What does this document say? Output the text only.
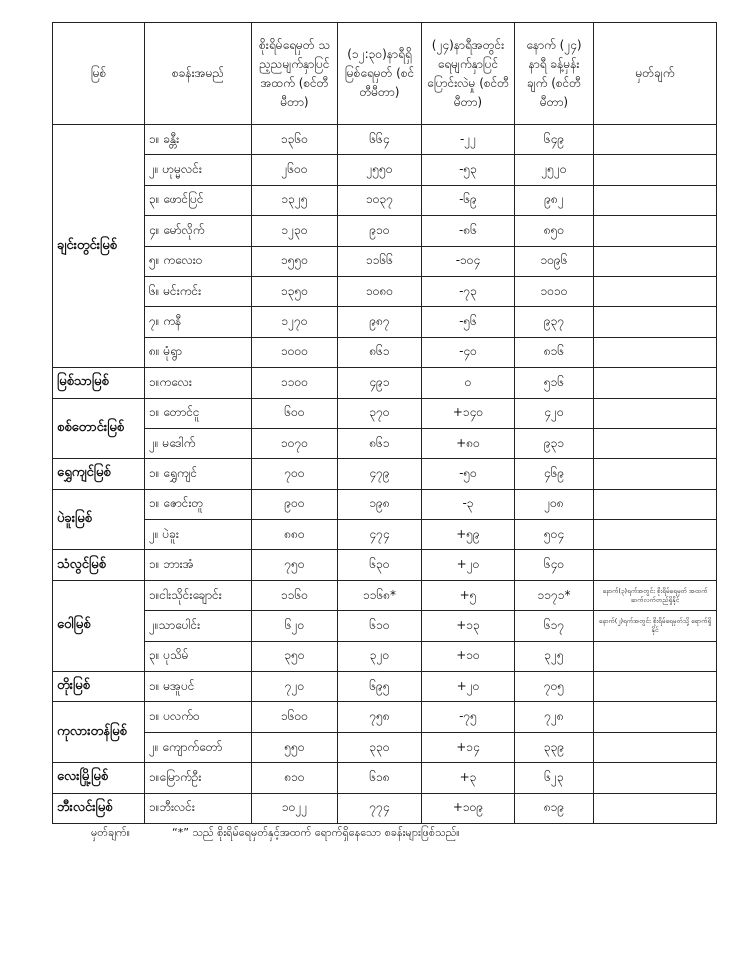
မြစ်	စခန်းအမည်	စိုးရိမ်ရေမှတ် သည့ညမျက်နှာပြင် အထက် (စင်တီမီတာ)	(၁၂:၃၀)နာရီရှိ မြစ်ရေမှတ် (စင်တီမီတာ)	(၂၄)နာရီအတွင်း ရေမျက်နှာပြင် ပြောင်းလဲမှု (စင်တီမီတာ)	နောက် (၂၄) နာရီ ခန့်မှန်းချက် (စင်တီမီတာ)	မှတ်ချက်
ချင်းတွင်းမြစ်	၁။ ခန္တီး	၁၃၆၀	၆၆၄	-၂၂	၆၄၉	
	၂။ ဟုမ္မလင်း	၂၆၀၀	၂၅၅၀	-၅၃	၂၅၂၀	
	၃။ ဖောင်ပြင်	၁၃၂၅	၁၀၃၇	-၆၉	၉၈၂	
	၄။ မော်လိုက်	၁၂၃၀	၉၁၀	-၈၆	၈၅၀	
	၅။ ကလေးဝ	၁၅၅၀	၁၁၆၆	-၁၀၄	၁၀၉၆	
	၆။ မင်းကင်း	၁၃၅၀	၁၀၈၀	-၇၃	၁၀၁၀	
	၇။ ကနီ	၁၂၇၀	၉၈၇	-၅၆	၉၃၇	
	၈။ မုံရွာ	၁၀၀၀	၈၆၁	-၄၀	၈၁၆	
မြစ်သာမြစ်	၁။ကလေး	၁၁၀၀	၄၉၁	၀	၅၁၆	
စစ်တောင်းမြစ်	၁။ တောင်ငူ	၆၀၀	၃၇၀	+၁၄၀	၄၂၀	
	၂။ မဒေါက်	၁၀၇၀	၈၆၁	+၈၀	၉၃၁	
ရွှေကျင်မြစ်	၁။ ရွှေကျင်	၇၀၀	၄၇၉	-၅၀	၄၆၉	
ပဲခူးမြစ်	၁။ ဇောင်းတူ	၉၀၀	၁၉၈	-၃	၂၀၈	
	၂။ ပဲခူး	၈၈၀	၄၇၄	+၅၉	၅၀၄	
သံလွင်မြစ်	၁။ ဘားအံ	၇၅၀	၆၃၀	+၂၀	၆၄၀	
ဝေါမြစ်	၁။ငါးသိုင်းချောင်း	၁၁၆၀	၁၁၆၈*	+၅	၁၁၇၁*	နောက်(၃)ရက်အတွင်း စိုးရိမ်ရေမှတ် အထက် ဆက်လက်တည်ရှိနိုင်
	၂။သာပေါင်း	၆၂၀	၆၁၀	+၁၃	၆၁၇	နောက်(၂)ရက်အတွင်း စိုးရိမ်ရေမှတ်သို့ ရောက်ရှိနိုင်
	၃။ ပုသိမ်	၃၅၀	၃၂၀	+၁၀	၃၂၅	
တိုးမြစ်	၁။ မအူပင်	၇၂၀	၆၉၅	+၂၀	၇၀၅	
ကုလားတန်မြစ်	၁။ ပလက်ဝ	၁၆၀၀	၇၅၈	-၇၅	၇၂၈	
	၂။ ကျောက်တော်	၅၅၀	၃၃၀	+၁၄	၃၃၉	
လေးမြို့မြစ်	၁။မြောက်ဦး	၈၁၀	၆၁၈	+၃	၆၂၃	
ဘီးလင်းမြစ်	၁။ဘီးလင်း	၁၀၂၂	၇၇၄	+၁၀၉	၈၁၉	
မှတ်ချက်။	“*” သည် စိုးရိမ်ရေမှတ်နှင့်အထက် ရောက်ရှိနေသော စခန်းများဖြစ်သည်။
